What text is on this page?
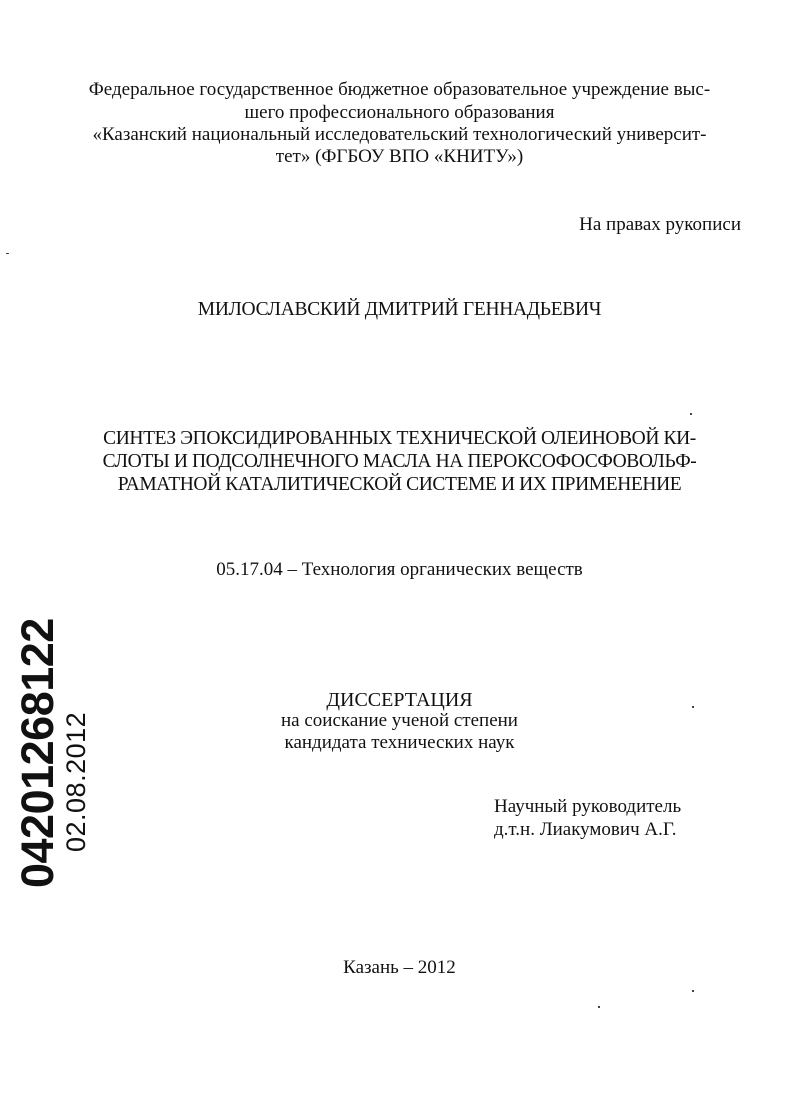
Федеральное государственное бюджетное образовательное учреждение выс-
шего профессионального образования
«Казанский национальный исследовательский технологический университ-
тет» (ФГБОУ ВПО «КНИТУ»)
На правах рукописи
МИЛОСЛАВСКИЙ ДМИТРИЙ ГЕННАДЬЕВИЧ
СИНТЕЗ ЭПОКСИДИРОВАННЫХ ТЕХНИЧЕСКОЙ ОЛЕИНОВОЙ КИ-
СЛОТЫ И ПОДСОЛНЕЧНОГО МАСЛА НА ПЕРОКСОФОСФОВОЛЬФ-
РАМАТНОЙ КАТАЛИТИЧЕСКОЙ СИСТЕМЕ И ИХ ПРИМЕНЕНИЕ
05.17.04 – Технология органических веществ
ДИССЕРТАЦИЯ
на соискание ученой степени
кандидата технических наук
Научный руководитель
д.т.н. Лиакумович А.Г.
Казань – 2012
04201268122
02.08.2012
